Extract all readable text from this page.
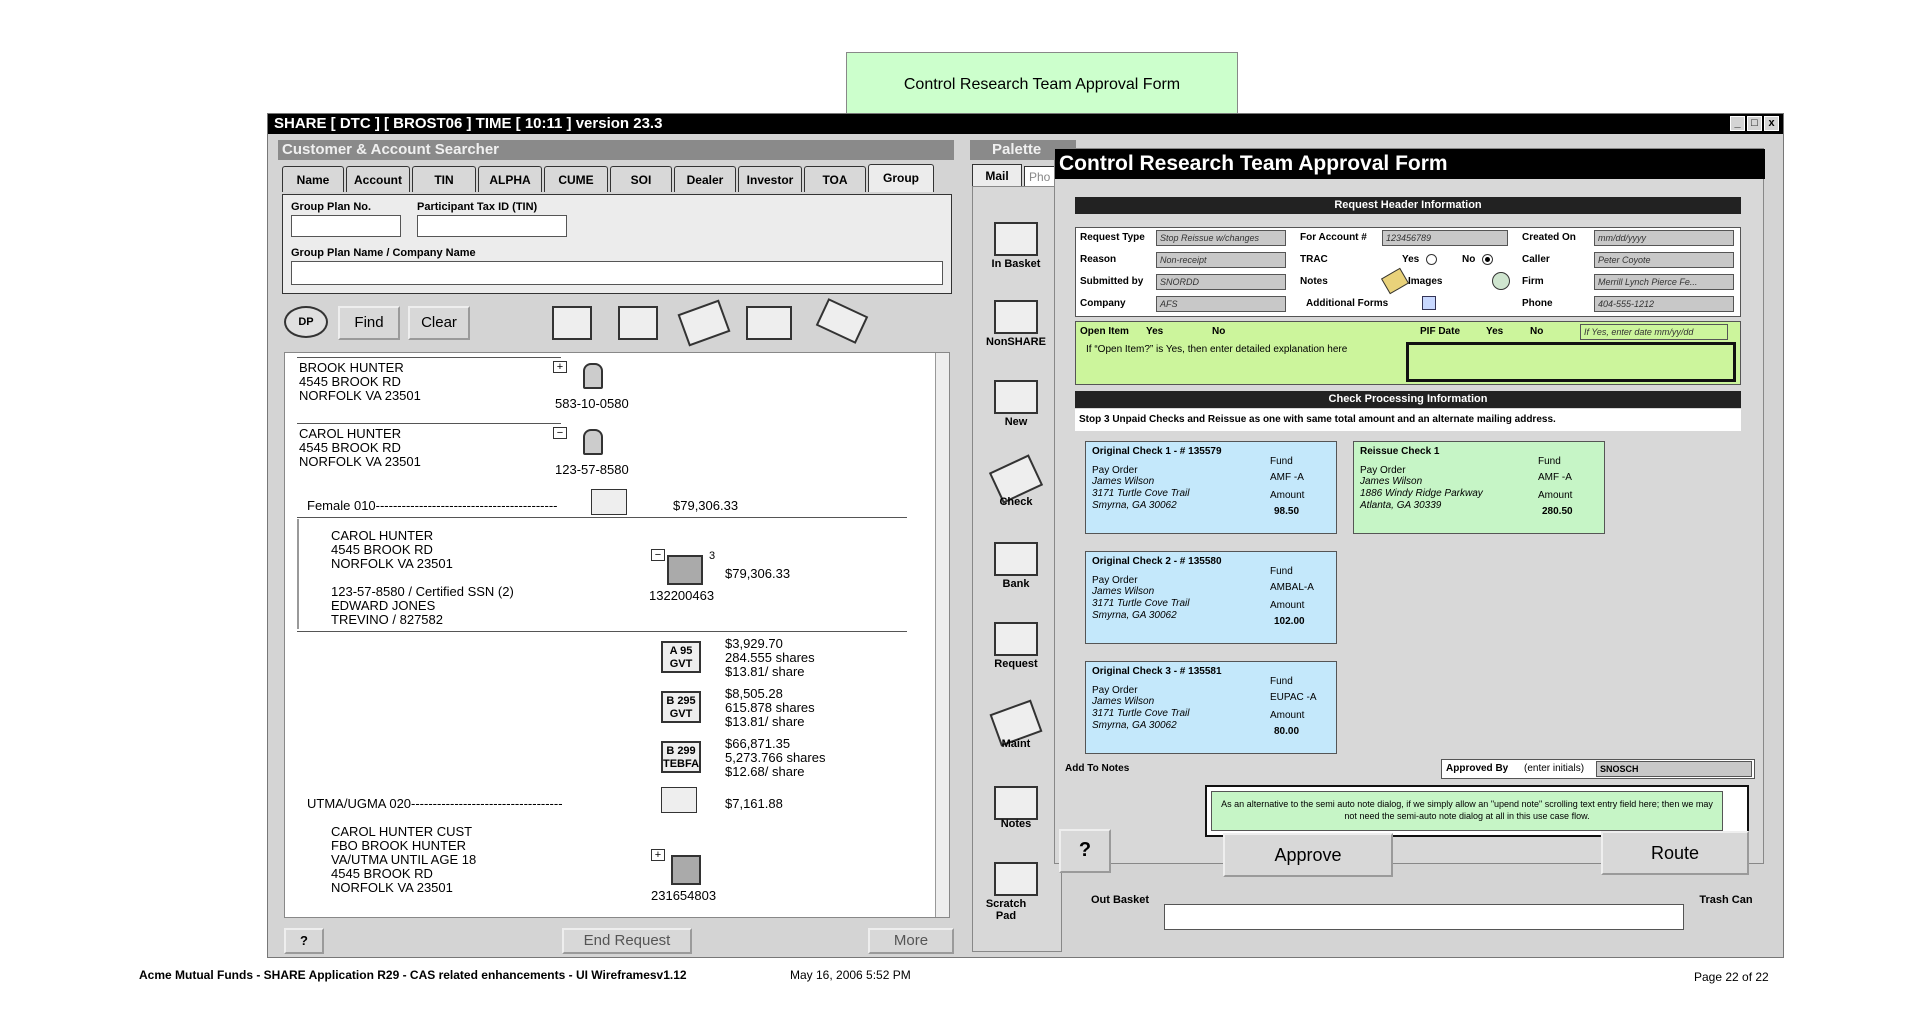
Control Research Team Approval Form
SHARE [ DTC ] [ BROST06 ] TIME [ 10:11 ] version 23.3	_ □ x
Customer & Account Searcher
Name	Account	TIN	ALPHA	CUME	SOI	Dealer	Investor	TOA	Group
Group Plan No.	Participant Tax ID (TIN)
Group Plan Name / Company Name
DP	Find	Clear
BROOK HUNTER
4545 BROOK RD
NORFOLK VA 23501
+
583-10-0580
CAROL HUNTER
4545 BROOK RD
NORFOLK VA 23501
−
123-57-8580
Female 010------------------------------------------	$79,306.33
CAROL HUNTER
4545 BROOK RD
NORFOLK VA 23501
123-57-8580 / Certified SSN (2)
EDWARD JONES
TREVINO / 827582
−	3
132200463
$79,306.33
A 95
GVT
$3,929.70
284.555 shares
$13.81/ share
B 295
GVT
$8,505.28
615.878 shares
$13.81/ share
B 299
TEBFA
$66,871.35
5,273.766 shares
$12.68/ share
UTMA/UGMA 020-----------------------------------	$7,161.88
CAROL HUNTER CUST
FBO BROOK HUNTER
VA/UTMA UNTIL AGE 18
4545 BROOK RD
NORFOLK VA 23501
+
231654803
?	End Request	More
Palette
Mail	Pho
In Basket
NonSHARE
New
Check
Bank
Request
Maint
Notes
Scratch Pad
Out Basket	Trash Can
Control Research Team Approval Form
Request Header Information
Request Type	Stop Reissue w/changes	For Account #	123456789	Created On	mm/dd/yyyy
Reason	Non-receipt	TRAC	Yes	No	Caller	Peter Coyote
Submitted by	SNORDD	Notes	Images	Firm	Merrill Lynch Pierce Fe...
Company	AFS	Additional Forms	Phone	404-555-1212
Open Item Yes	No	PIF Date	Yes	No	If Yes, enter date mm/yy/dd
If “Open Item?” is Yes, then enter detailed explanation here
Check Processing Information
Stop 3 Unpaid Checks and Reissue as one with same total amount and an alternate mailing address.
Original Check 1 - # 135579
Pay Order
James Wilson
3171 Turtle Cove Trail
Smyrna, GA 30062
Fund
AMF -A
Amount
98.50
Reissue Check 1
Pay Order
James Wilson
1886 Windy Ridge Parkway
Atlanta, GA 30339
Fund
AMF -A
Amount
280.50
Original Check 2 - # 135580
Pay Order
James Wilson
3171 Turtle Cove Trail
Smyrna, GA 30062
Fund
AMBAL-A
Amount
102.00
Original Check 3 - # 135581
Pay Order
James Wilson
3171 Turtle Cove Trail
Smyrna, GA 30062
Fund
EUPAC -A
Amount
80.00
Add To Notes	Approved By (enter initials)	SNOSCH
As an alternative to the semi auto note dialog, if we simply allow an "upend note" scrolling text entry field here; then we may not need the semi-auto note dialog at all in this use case flow.
?	Approve	Route
Acme Mutual Funds - SHARE Application R29 - CAS related enhancements - UI Wireframesv1.12	May 16, 2006 5:52 PM	Page 22 of 22
